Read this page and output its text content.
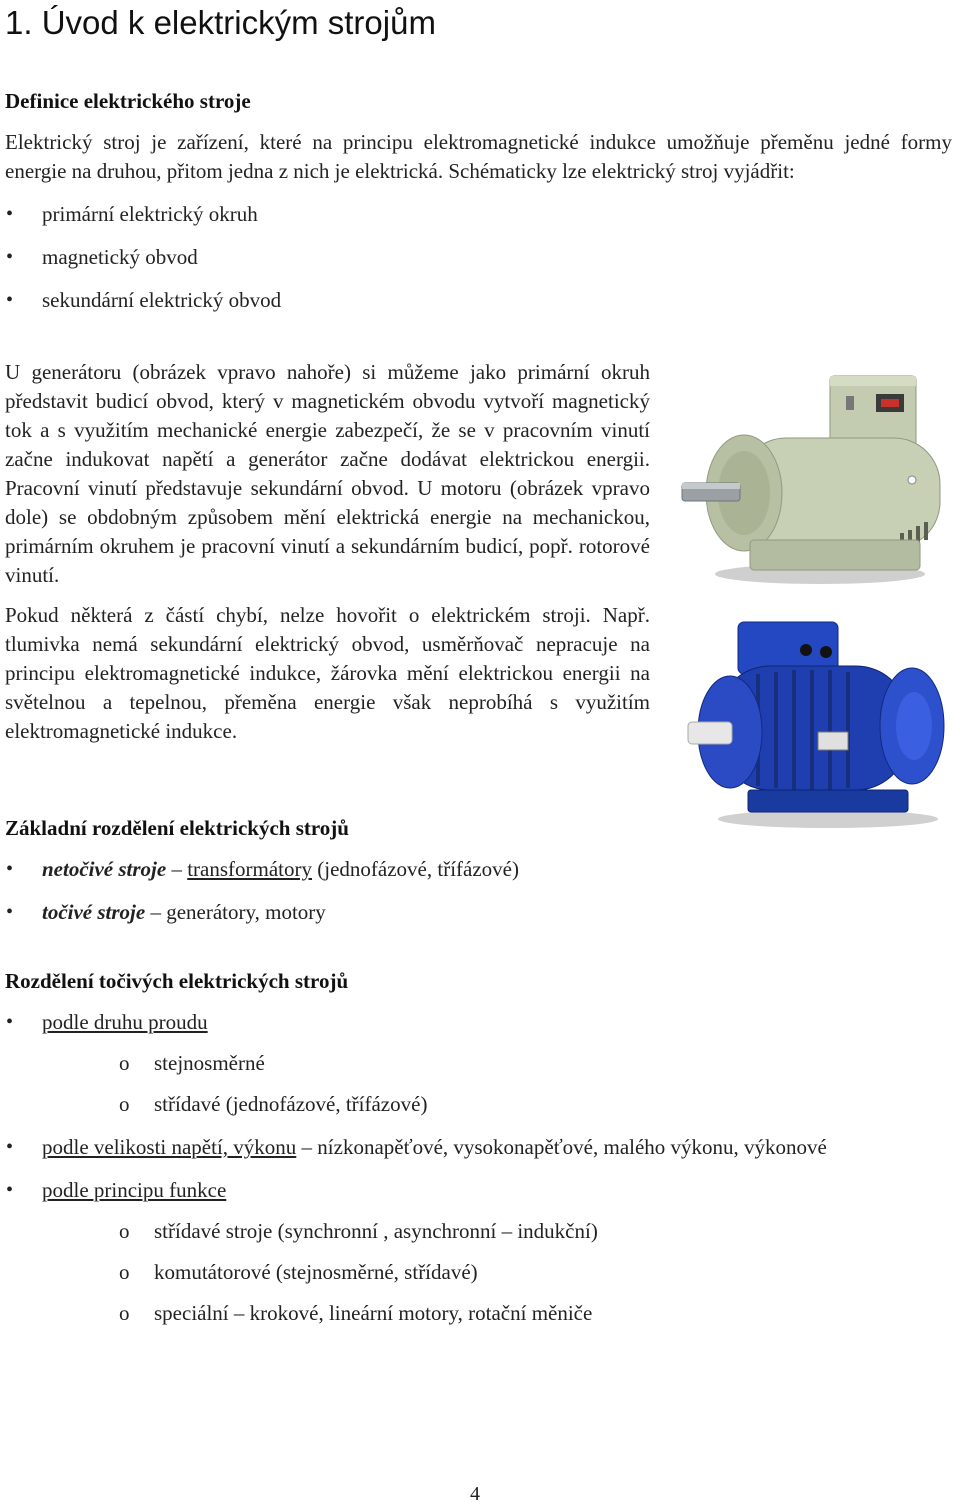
1. Úvod k elektrickým strojům
Definice elektrického stroje

Elektrický stroj je zařízení, které na principu elektromagnetické indukce umožňuje přeměnu jedné formy energie na druhou, přitom jedna z nich je elektrická. Schématicky lze elektrický stroj vyjádřit:

• primární elektrický okruh
• magnetický obvod
• sekundární elektrický obvod

U generátoru (obrázek vpravo nahoře) si můžeme jako primární okruh představit budicí obvod, který v magnetickém obvodu vytvoří magnetický tok a s využitím mechanické energie zabezpečí, že se v pracovním vinutí začne indukovat napětí a generátor začne dodávat elektrickou energii. Pracovní vinutí představuje sekundární obvod. U motoru (obrázek vpravo dole) se obdobným způsobem mění elektrická energie na mechanickou, primárním okruhem je pracovní vinutí a sekundárním budicí, popř. rotorové vinutí.

Pokud některá z částí chybí, nelze hovořit o elektrickém stroji. Např. tlumivka nemá sekundární elektrický obvod, usměrňovač nepracuje na principu elektromagnetické indukce, žárovka mění elektrickou energii na světelnou a tepelnou, přeměna energie však neprobíhá s využitím elektromagnetické indukce.

Základní rozdělení elektrických strojů
• netočivé stroje – transformátory (jednofázové, třífázové)
• točivé stroje – generátory, motory
Rozdělení točivých elektrických strojů
• podle druhu proudu
o stejnosměrné
o střídavé (jednofázové, třífázové)
• podle velikosti napětí, výkonu – nízkonapěťové, vysokonapěťové, malého výkonu, výkonové
• podle principu funkce
o střídavé stroje (synchronní , asynchronní – indukční)
o komutátorové (stejnosměrné, střídavé)
o speciální – krokové, lineární motory, rotační měniče
4
